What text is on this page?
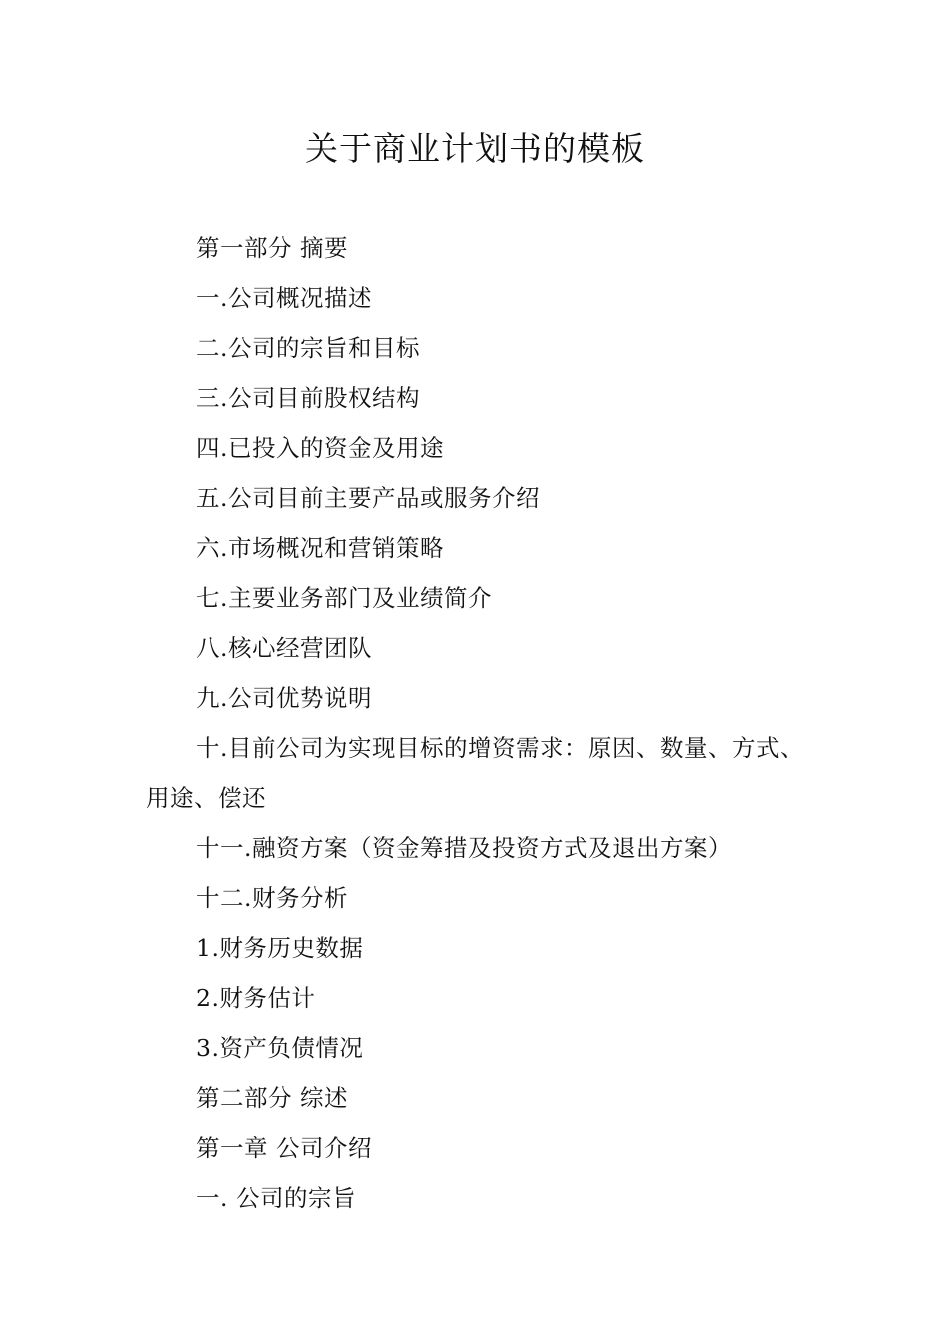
关于商业计划书的模板

第一部分 摘要

一.公司概况描述

二.公司的宗旨和目标

三.公司目前股权结构

四.已投入的资金及用途

五.公司目前主要产品或服务介绍

六.市场概况和营销策略

七.主要业务部门及业绩简介

八.核心经营团队

九.公司优势说明

十.目前公司为实现目标的增资需求：原因、数量、方式、用途、偿还

十一.融资方案（资金筹措及投资方式及退出方案）

十二.财务分析

1.财务历史数据

2.财务估计

3.资产负债情况

第二部分 综述

第一章 公司介绍

一. 公司的宗旨
